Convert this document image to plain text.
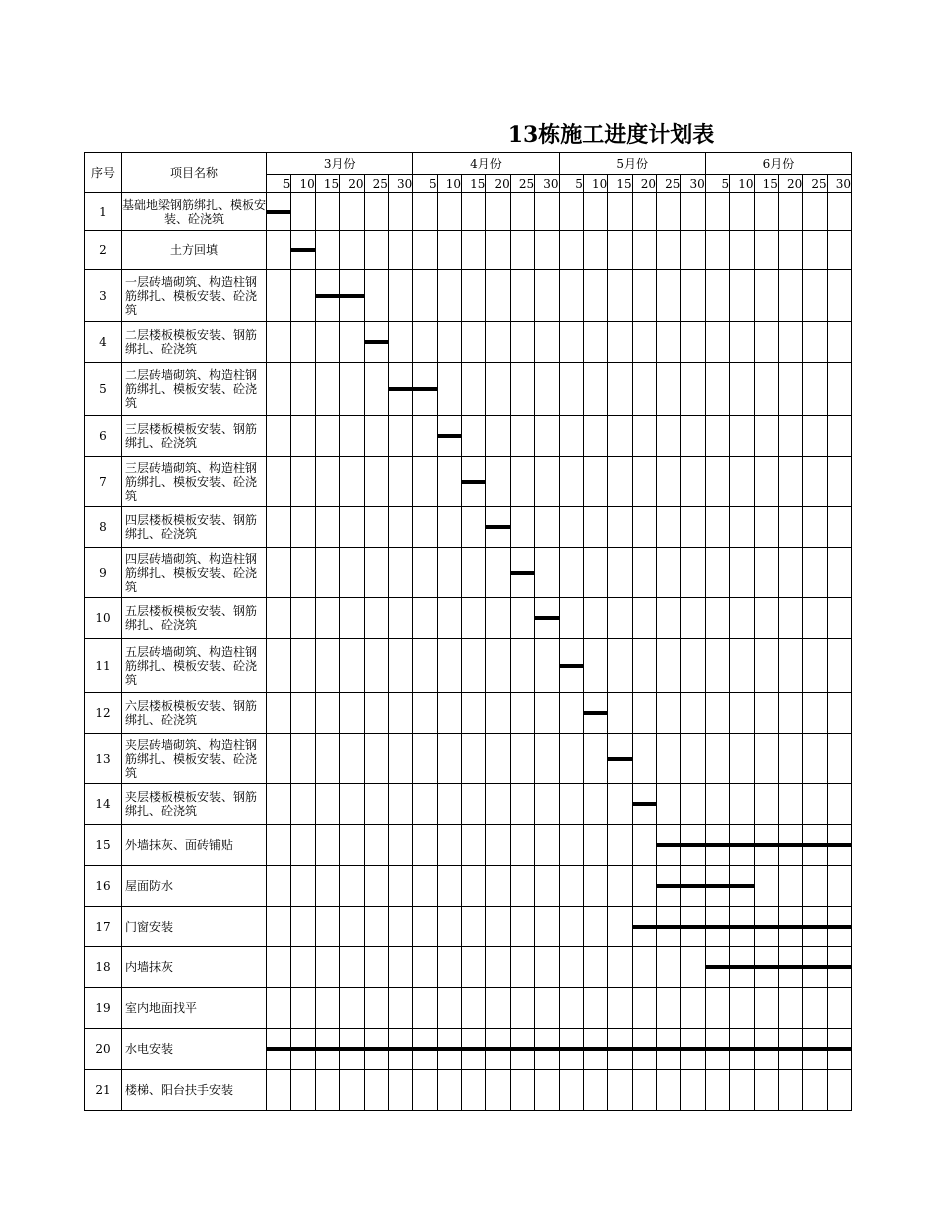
13栋施工进度计划表
序号	项目名称	3月份						4月份						5月份						6月份					
		5	10	15	20	25	30	5	10	15	20	25	30	5	10	15	20	25	30	5	10	15	20	25	30
1	基础地梁钢筋绑扎、模板安装、砼浇筑																								
2	土方回填																								
3	一层砖墙砌筑、构造柱钢筋绑扎、模板安装、砼浇筑																								
4	二层楼板模板安装、钢筋绑扎、砼浇筑																								
5	二层砖墙砌筑、构造柱钢筋绑扎、模板安装、砼浇筑																								
6	三层楼板模板安装、钢筋绑扎、砼浇筑																								
7	三层砖墙砌筑、构造柱钢筋绑扎、模板安装、砼浇筑																								
8	四层楼板模板安装、钢筋绑扎、砼浇筑																								
9	四层砖墙砌筑、构造柱钢筋绑扎、模板安装、砼浇筑																								
10	五层楼板模板安装、钢筋绑扎、砼浇筑																								
11	五层砖墙砌筑、构造柱钢筋绑扎、模板安装、砼浇筑																								
12	六层楼板模板安装、钢筋绑扎、砼浇筑																								
13	夹层砖墙砌筑、构造柱钢筋绑扎、模板安装、砼浇筑																								
14	夹层楼板模板安装、钢筋绑扎、砼浇筑																								
15	外墙抹灰、面砖铺贴																								
16	屋面防水																								
17	门窗安装																								
18	内墙抹灰																								
19	室内地面找平																								
20	水电安装																								
21	楼梯、阳台扶手安装																								
